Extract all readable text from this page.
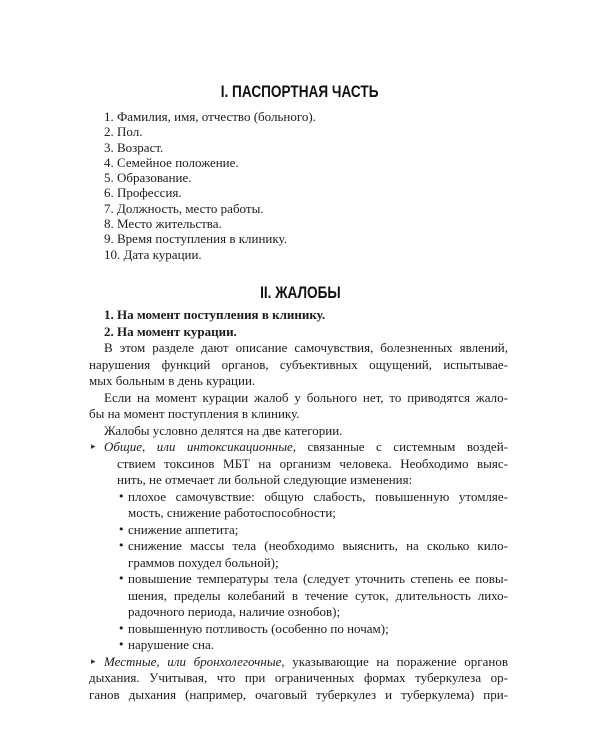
I. ПАСПОРТНАЯ ЧАСТЬ
1. Фамилия, имя, отчество (больного).
2. Пол.
3. Возраст.
4. Семейное положение.
5. Образование.
6. Профессия.
7. Должность, место работы.
8. Место жительства.
9. Время поступления в клинику.
10. Дата курации.
II. ЖАЛОБЫ
1. На момент поступления в клинику.
2. На момент курации.
В этом разделе дают описание самочувствия, болезненных явлений,
нарушения функций органов, субъективных ощущений, испытывае-
мых больным в день курации.
Если на момент курации жалоб у больного нет, то приводятся жало-
бы на момент поступления в клинику.
Жалобы условно делятся на две категории.
▸ Общие, или интоксикационные, связанные с системным воздей-
ствием токсинов МБТ на организм человека. Необходимо выяс-
нить, не отмечает ли больной следующие изменения:
• плохое самочувствие: общую слабость, повышенную утомляе-
мость, снижение работоспособности;
• снижение аппетита;
• снижение массы тела (необходимо выяснить, на сколько кило-
граммов похудел больной);
• повышение температуры тела (следует уточнить степень ее повы-
шения, пределы колебаний в течение суток, длительность лихо-
радочного периода, наличие ознобов);
• повышенную потливость (особенно по ночам);
• нарушение сна.
▸ Местные, или бронхолегочные, указывающие на поражение органов
дыхания. Учитывая, что при ограниченных формах туберкулеза ор-
ганов дыхания (например, очаговый туберкулез и туберкулема) при-
